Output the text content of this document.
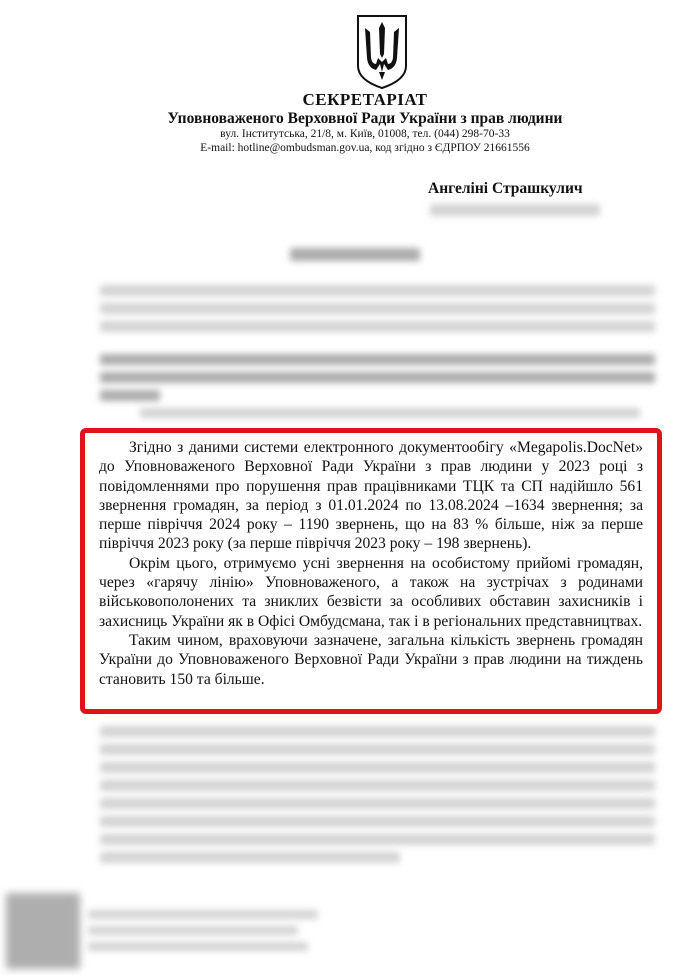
СЕКРЕТАРІАТ

Уповноваженого Верховної Ради України з прав людини

вул. Інститутська, 21/8, м. Київ, 01008, тел. (044) 298-70-33

E-mail: hotline@ombudsman.gov.ua, код згідно з ЄДРПОУ 21661556

Ангеліні Страшкулич

Згідно з даними системи електронного документообігу «Megapolis.DocNet» до Уповноваженого Верховної Ради України з прав людини у 2023 році з повідомленнями про порушення прав працівниками ТЦК та СП надійшло 561 звернення громадян, за період з 01.01.2024 по 13.08.2024 –1634 звернення; за перше півріччя 2024 року – 1190 звернень, що на 83 % більше, ніж за перше півріччя 2023 року (за перше півріччя 2023 року – 198 звернень).

Окрім цього, отримуємо усні звернення на особистому прийомі громадян, через «гарячу лінію» Уповноваженого, а також на зустрічах з родинами військовополонених та зниклих безвісти за особливих обставин захисників і захисниць України як в Офісі Омбудсмана, так і в регіональних представництвах.

Таким чином, враховуючи зазначене, загальна кількість звернень громадян України до Уповноваженого Верховної Ради України з прав людини на тиждень становить 150 та більше.
